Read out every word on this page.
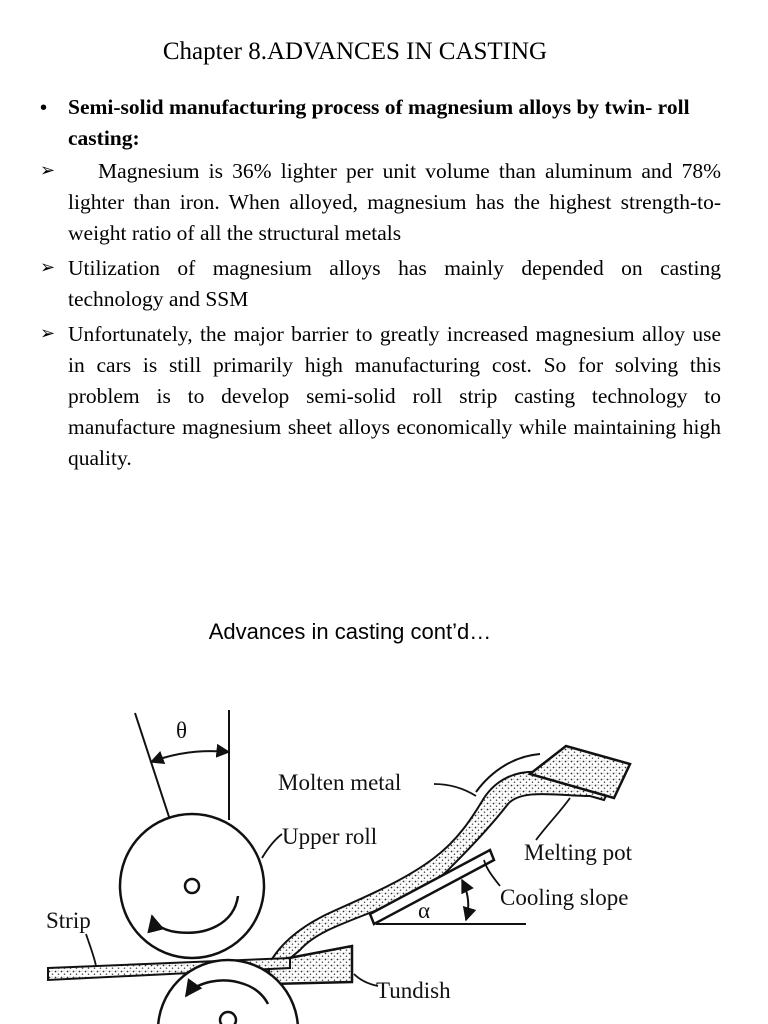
Chapter 8.ADVANCES IN CASTING
• Semi-solid manufacturing process of magnesium alloys by twin- roll casting:
➢	Magnesium is 36% lighter per unit volume than aluminum and 78% lighter than iron. When alloyed, magnesium has the highest strength-to-weight ratio of all the structural metals
➢ Utilization of magnesium alloys has mainly depended on casting technology and SSM
➢ Unfortunately, the major barrier to greatly increased magnesium alloy use in cars is still primarily high manufacturing cost. So for solving this problem is to develop semi-solid roll strip casting technology to manufacture magnesium sheet alloys economically while maintaining high quality.
Advances in casting cont’d…
θ
α
Molten metal
Upper roll
Melting pot
Cooling slope
Strip
Tundish
